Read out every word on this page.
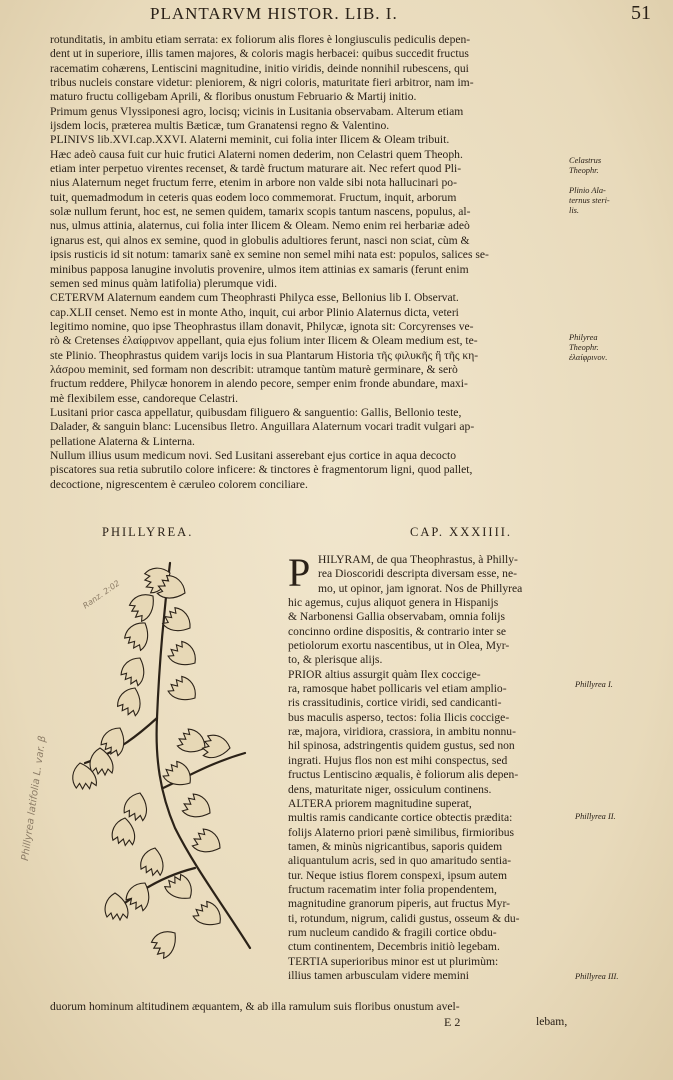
PLANTARVM HISTOR. LIB. I.	51
rotunditatis, in ambitu etiam serrata: ex foliorum alis flores è longiusculis pediculis depen-
dent ut in superiore, illis tamen majores, & coloris magis herbacei: quibus succedit fructus
racematim cohærens, Lentiscini magnitudine, initio viridis, deinde nonnihil rubescens, qui
tribus nucleis constare videtur: pleniorem, & nigri coloris, maturitate fieri arbitror, nam im-
maturo fructu colligebam Aprili, & floribus onustum Februario & Martij initio.
Primum genus Vlyssiponesi agro, locisq; vicinis in Lusitania observabam. Alterum etiam
ijsdem locis, præterea multis Bæticæ, tum Granatensi regno & Valentino.
PLINIVS lib.XVI.cap.XXVI. Alaterni meminit, cui folia inter Ilicem & Oleam tribuit.
Hæc adeò causa fuit cur huic frutici Alaterni nomen dederim, non Celastri quem Theoph.
etiam inter perpetuo virentes recenset, & tardè fructum maturare ait. Nec refert quod Pli-
nius Alaternum neget fructum ferre, etenim in arbore non valde sibi nota hallucinari po-
tuit, quemadmodum in ceteris quas eodem loco commemorat. Fructum, inquit, arborum
solæ nullum ferunt, hoc est, ne semen quidem, tamarix scopis tantum nascens, populus, al-
nus, ulmus attinia, alaternus, cui folia inter Ilicem & Oleam. Nemo enim rei herbariæ adeò
ignarus est, qui alnos ex semine, quod in globulis adultiores ferunt, nasci non sciat, cùm &
ipsis rusticis id sit notum: tamarix sanè ex semine non semel mihi nata est: populos, salices se-
minibus papposa lanugine involutis provenire, ulmos item attinias ex samaris (ferunt enim
semen sed minus quàm latifolia) plerumque vidi.
CETERVM Alaternum eandem cum Theophrasti Philyca esse, Bellonius lib I. Observat.
cap.XLII censet. Nemo est in monte Atho, inquit, cui arbor Plinio Alaternus dicta, veteri
legitimo nomine, quo ipse Theophrastus illam donavit, Philycæ, ignota sit: Corcyrenses ve-
rò & Cretenses ἐλαίφρινον appellant, quia ejus folium inter Ilicem & Oleam medium est, te-
ste Plinio. Theophrastus quidem varijs locis in sua Plantarum Historia τῆς φιλυκῆς ἢ τῆς κη-
λάσρου meminit, sed formam non describit: utramque tantùm maturè germinare, & serò
fructum reddere, Philycæ honorem in alendo pecore, semper enim fronde abundare, maxi-
mè flexibilem esse, candoreque Celastri.
Lusitani prior casca appellatur, quibusdam filiguero & sanguentio: Gallis, Bellonio teste,
Dalader, & sanguin blanc: Lucensibus Iletro. Anguillara Alaternum vocari tradit vulgari ap-
pellatione Alaterna & Linterna.
Nullum illius usum medicum novi. Sed Lusitani asserebant ejus cortice in aqua decocto
piscatores sua retia subrutilo colore inficere: & tinctores è fragmentorum ligni, quod pallet,
decoctione, nigrescentem è cæruleo colorem conciliare.
Celastrus
Theophr.
Plinio Ala-
ternus steri-
lis.
Philyrea
Theophr.
ἐλαίφρινον.
Phillyrea I.
Phillyrea II.
Phillyrea III.
PHILLYREA.	CAP. XXXIIII.
P HILYRAM, de qua Theophrastus, à Philly-
rea Dioscoridi descripta diversam esse, ne-
mo, ut opinor, jam ignorat. Nos de Phillyrea
hic agemus, cujus aliquot genera in Hispanijs
& Narbonensi Gallia observabam, omnia folijs
concinno ordine dispositis, & contrario inter se
petiolorum exortu nascentibus, ut in Olea, Myr-
to, & plerisque alijs.
PRIOR altius assurgit quàm Ilex coccige-
ra, ramosque habet pollicaris vel etiam amplio-
ris crassitudinis, cortice viridi, sed candicanti-
bus maculis asperso, tectos: folia Ilicis coccige-
ræ, majora, viridiora, crassiora, in ambitu nonnu-
hil spinosa, adstringentis quidem gustus, sed non
ingrati. Hujus flos non est mihi conspectus, sed
fructus Lentiscino æqualis, è foliorum alis depen-
dens, maturitate niger, ossiculum continens.
ALTERA priorem magnitudine superat,
multis ramis candicante cortice obtectis prædita:
folijs Alaterno priori pænè similibus, firmioribus
tamen, & minùs nigricantibus, saporis quidem
aliquantulum acris, sed in quo amaritudo sentia-
tur. Neque istius florem conspexi, ipsum autem
fructum racematim inter folia propendentem,
magnitudine granorum piperis, aut fructus Myr-
ti, rotundum, nigrum, calidi gustus, osseum & du-
rum nucleum candido & fragili cortice obdu-
ctum continentem, Decembris initiò legebam.
TERTIA superioribus minor est ut plurimùm:
illius tamen arbusculam videre memini
Phillyrea latifolia L. var. β
Ranz. 2:02
duorum hominum altitudinem æquantem, & ab illa ramulum suis floribus onustum avel-
E 2	lebam,
